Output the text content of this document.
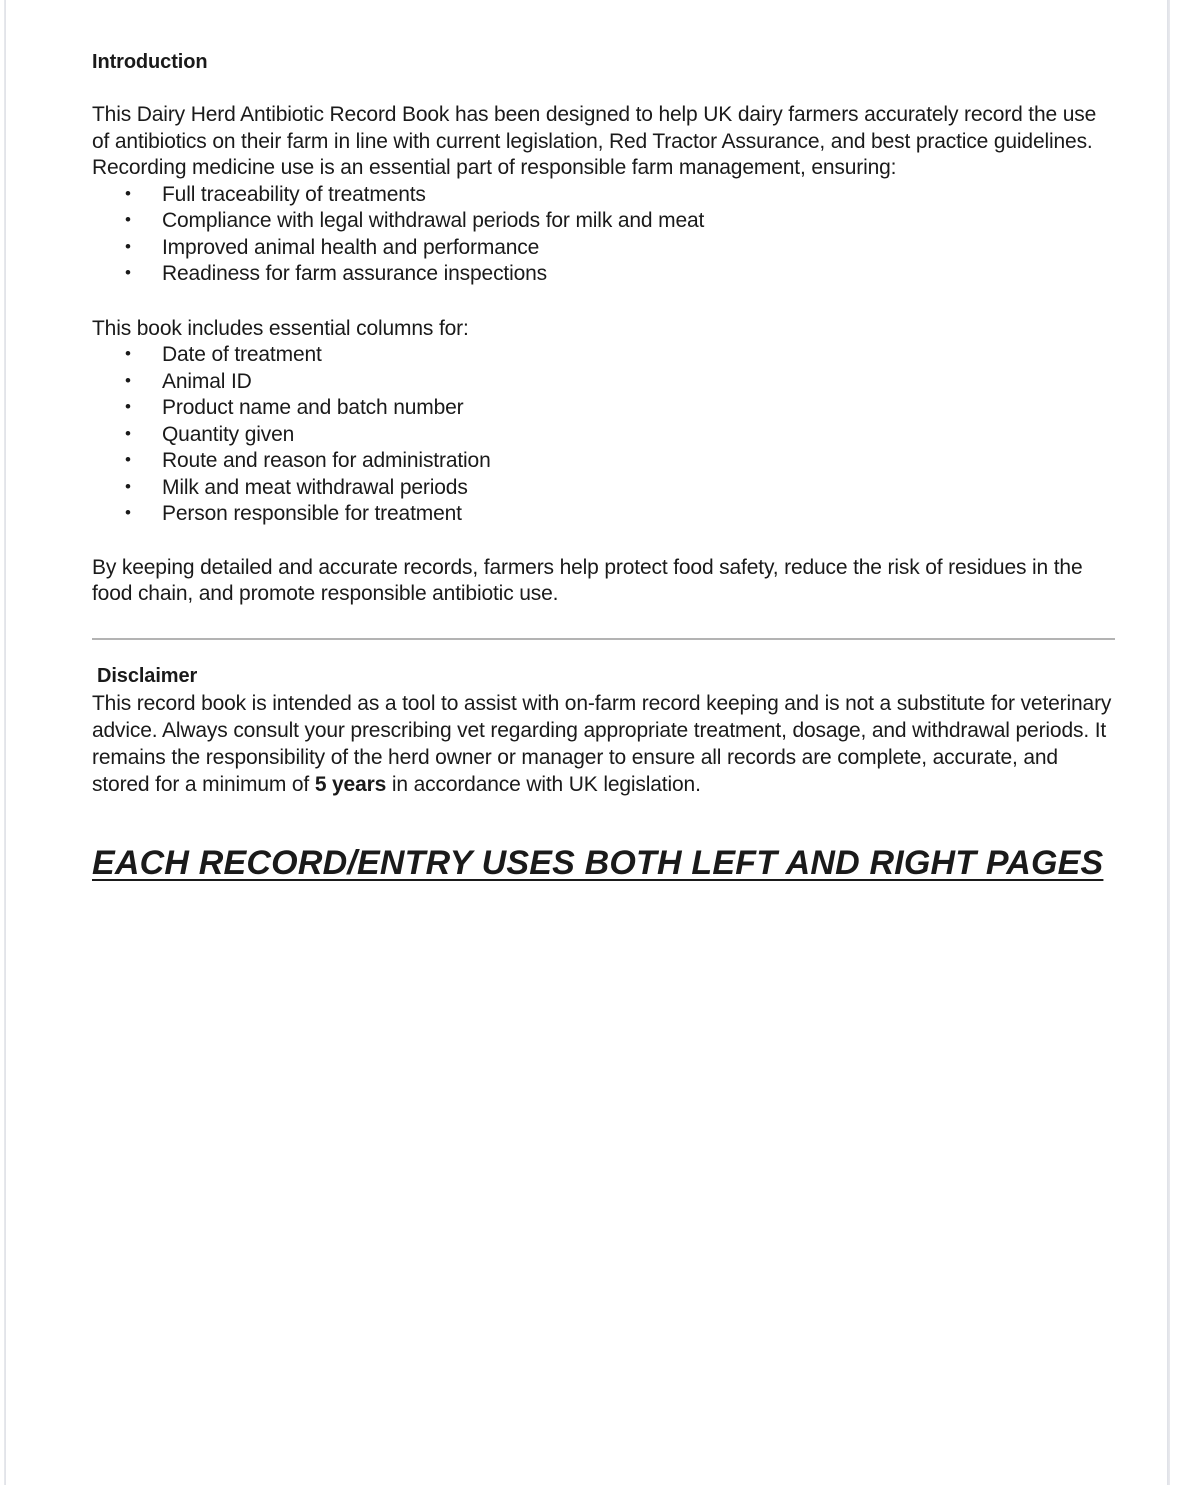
Introduction

This Dairy Herd Antibiotic Record Book has been designed to help UK dairy farmers accurately record the use of antibiotics on their farm in line with current legislation, Red Tractor Assurance, and best practice guidelines. Recording medicine use is an essential part of responsible farm management, ensuring:

• Full traceability of treatments
• Compliance with legal withdrawal periods for milk and meat
• Improved animal health and performance
• Readiness for farm assurance inspections

This book includes essential columns for:

• Date of treatment
• Animal ID
• Product name and batch number
• Quantity given
• Route and reason for administration
• Milk and meat withdrawal periods
• Person responsible for treatment

By keeping detailed and accurate records, farmers help protect food safety, reduce the risk of residues in the food chain, and promote responsible antibiotic use.

Disclaimer

This record book is intended as a tool to assist with on-farm record keeping and is not a substitute for veterinary advice. Always consult your prescribing vet regarding appropriate treatment, dosage, and withdrawal periods. It remains the responsibility of the herd owner or manager to ensure all records are complete, accurate, and stored for a minimum of 5 years in accordance with UK legislation.

EACH RECORD/ENTRY USES BOTH LEFT AND RIGHT PAGES
